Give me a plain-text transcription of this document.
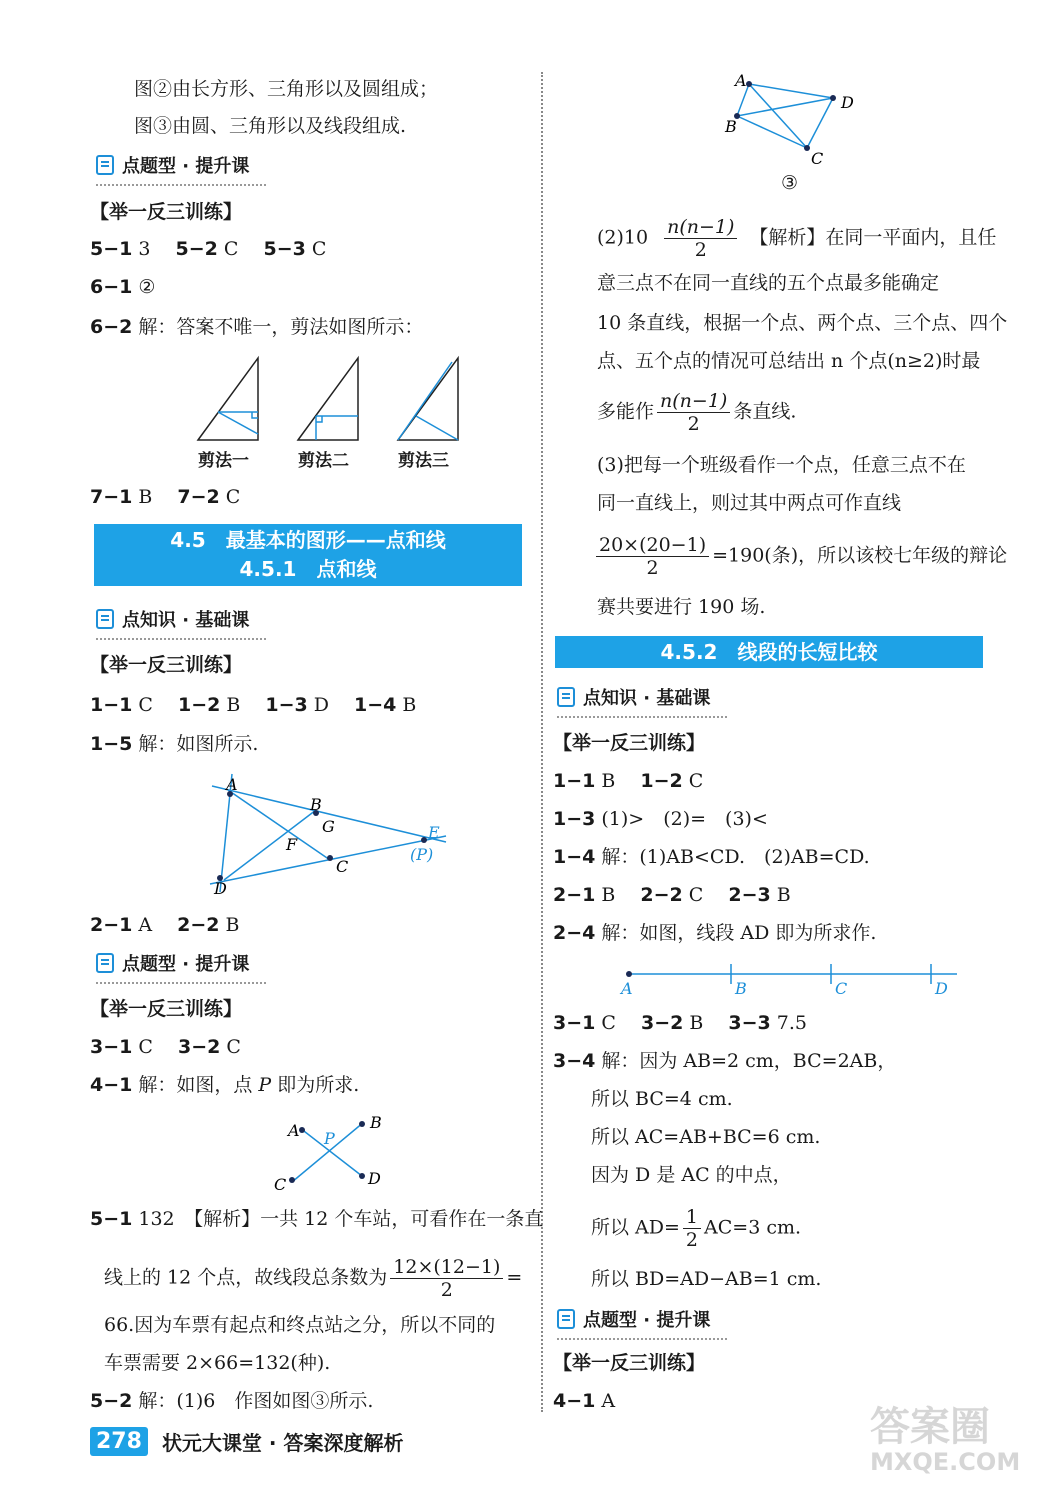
图②由长方形、三角形以及圆组成；
图③由圆、三角形以及线段组成.
点题型 · 提升课
【举一反三训练】
5−1 3　 5−2 C　 5−3 C
6−1 ②
6−2 解：答案不唯一，剪法如图所示：
剪法一	剪法二	剪法三
7−1 B　 7−2 C
4.5　最基本的图形——点和线
4.5.1　点和线
点知识 · 基础课
【举一反三训练】
1−1 C　 1−2 B　 1−3 D　 1−4 B
1−5 解：如图所示.
A
B
G	E
(P)
F
C
D
2−1 A　 2−2 B
点题型 · 提升课
【举一反三训练】
3−1 C　 3−2 C
4−1 解：如图，点 P 即为所求.
A	B
P
C	D
5−1 132　【解析】一共 12 个车站，可看作在一条直
线上的 12 个点，故线段总条数为 $\frac{12\times(12-1)}{2}$ =
66.因为车票有起点和终点站之分，所以不同的
车票需要 2×66=132(种).
5−2 解：(1)6　作图如图③所示.
A
D
B
C
③
$(2)10 \frac{n(n-1)}{2}$ 【解析】在同一平面内，且任
意三点不在同一直线的五个点最多能确定
10 条直线，根据一个点、两个点、三个点、四个
点、五个点的情况可总结出 n 个点(n≥2)时最
多能作 $\frac{n(n-1)}{2}$ 条直线.
(3)把每一个班级看作一个点，任意三点不在
同一直线上，则过其中两点可作直线
$\frac{20\times(20-1)}{2} =190$(条)，所以该校七年级的辩论
赛共要进行 190 场.
4.5.2　线段的长短比较
点知识 · 基础课
【举一反三训练】
1−1 B　 1−2 C
1−3 (1)>　(2)=　(3)<
1−4 解：(1)AB<CD.　(2)AB=CD.
2−1 B　 2−2 C　 2−3 B
2−4 解：如图，线段 AD 即为所求作.
A	B	C	D
3−1 C　 3−2 B　 3−3 7.5
3−4 解：因为 AB=2 cm，BC=2AB，
所以 BC=4 cm.
所以 AC=AB+BC=6 cm.
因为 D 是 AC 的中点，
所以 $AD= \frac{1}{2} AC=3$ cm.
所以 BD=AD−AB=1 cm.
点题型 · 提升课
【举一反三训练】
4−1 A
278	状元大课堂 · 答案深度解析	答案圈
MXQE.COM
